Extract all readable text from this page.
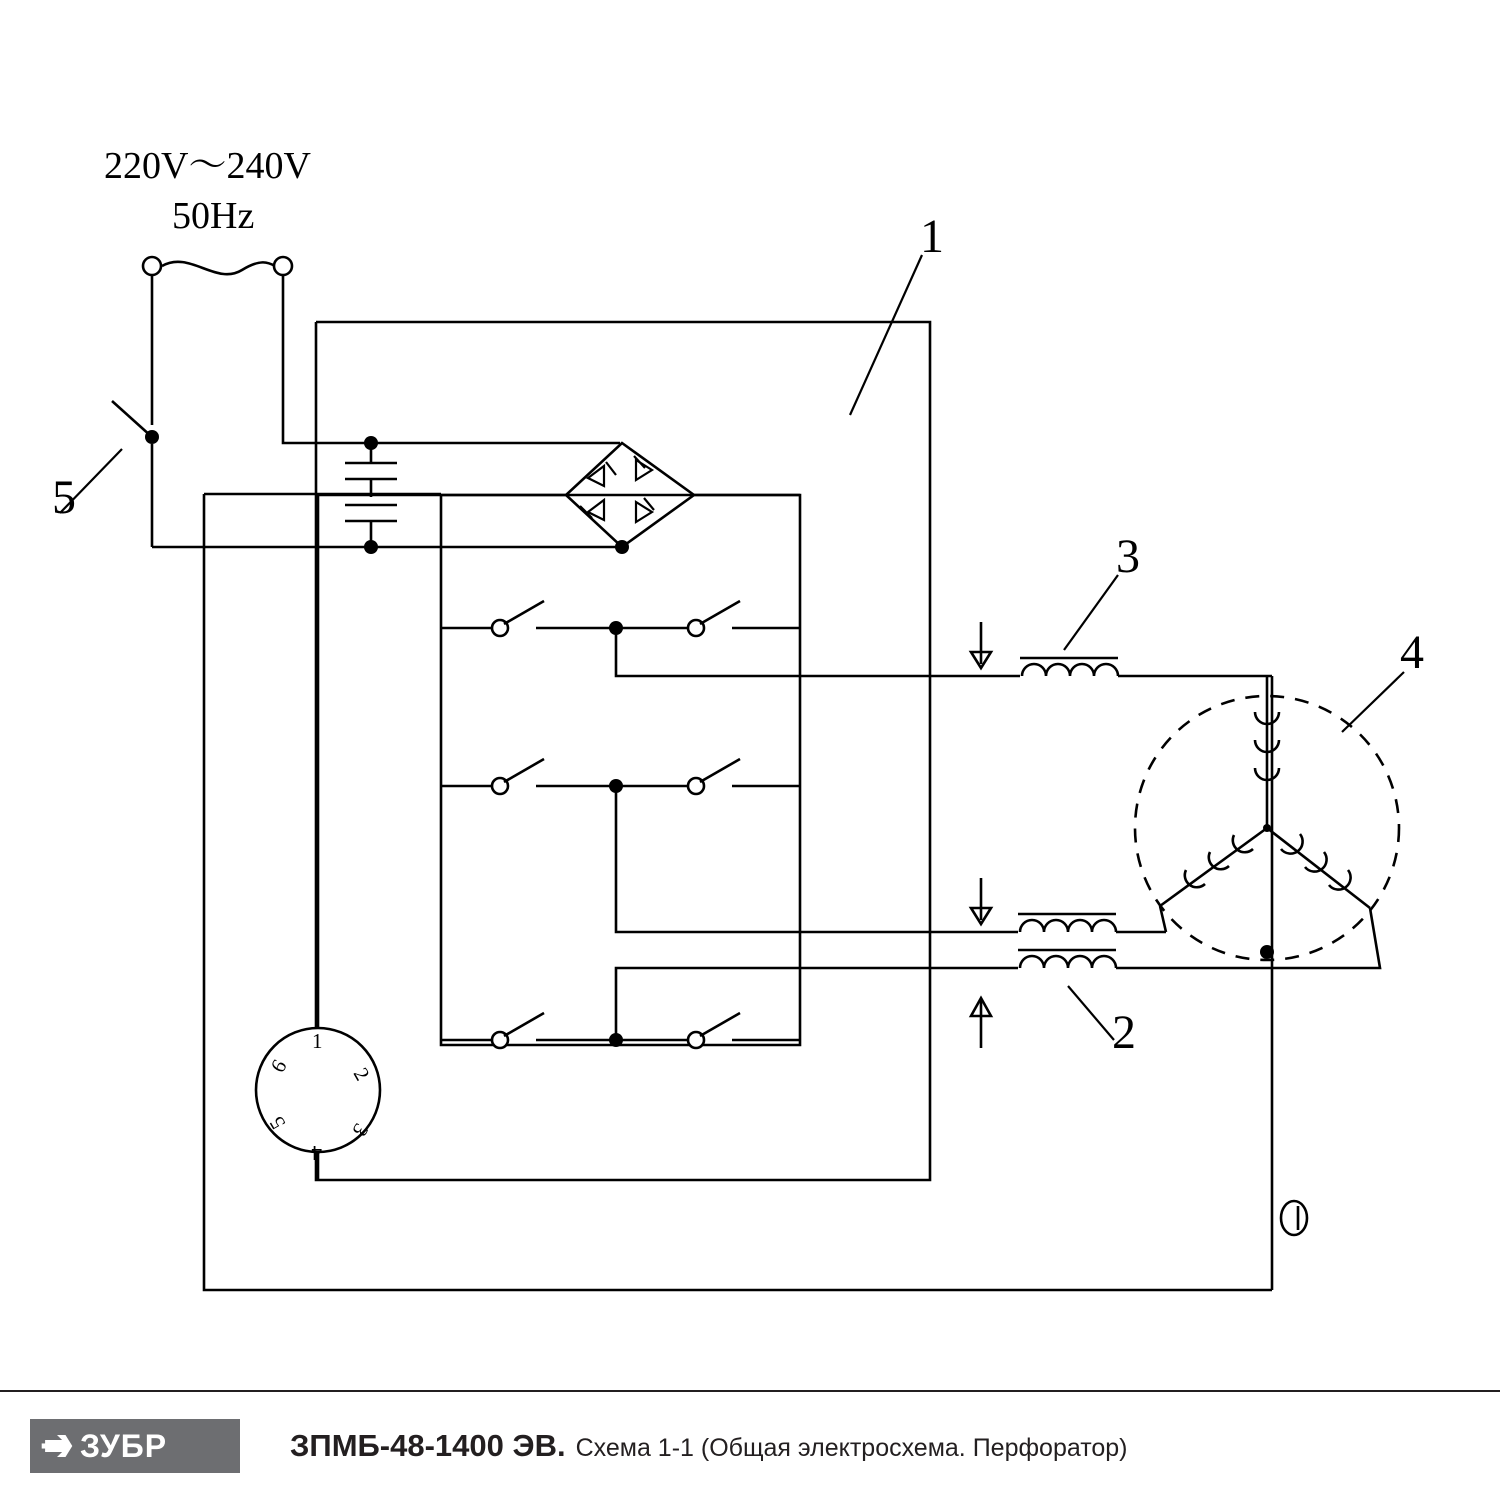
220V～240V
50Hz
5
1
1
2
3
4
5
6
3
2
4
ЗУБР	ЗПМБ-48-1400 ЭВ. Схема 1-1 (Общая электросхема. Перфоратор)
